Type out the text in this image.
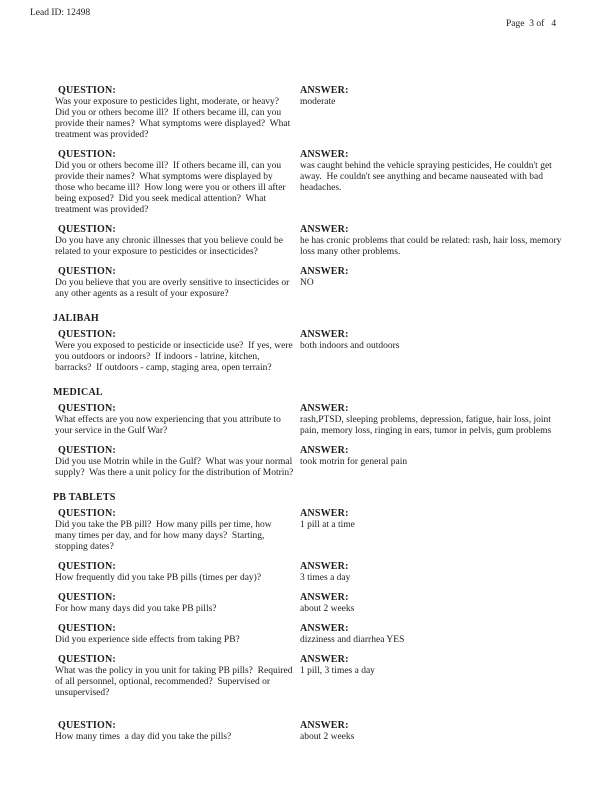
Lead ID: 12498
Page  3 of   4
QUESTION:
Was your exposure to pesticides light, moderate, or heavy?  Did you or others become ill?  If others became ill, can you provide their names?  What symptoms were displayed?  What treatment was provided?
ANSWER:
moderate
QUESTION:
Did you or others become ill?  If others became ill, can you provide their names?  What symptoms were displayed by those who became ill?  How long were you or others ill after being exposed?  Did you seek medical attention?  What treatment was provided?
ANSWER:
was caught behind the vehicle spraying pesticides, He couldn't get away.  He couldn't see anything and became nauseated with bad headaches.
QUESTION:
Do you have any chronic illnesses that you believe could be related to your exposure to pesticides or insecticides?
ANSWER:
he has cronic problems that could be related: rash, hair loss, memory loss many other problems.
QUESTION:
Do you believe that you are overly sensitive to insecticides or any other agents as a result of your exposure?
ANSWER:
NO
JALIBAH
QUESTION:
Were you exposed to pesticide or insecticide use?  If yes, were you outdoors or indoors?  If indoors - latrine, kitchen, barracks?  If outdoors - camp, staging area, open terrain?
ANSWER:
both indoors and outdoors
MEDICAL
QUESTION:
What effects are you now experiencing that you attribute to your service in the Gulf War?
ANSWER:
rash,PTSD, sleeping problems, depression, fatigue, hair loss, joint pain, memory loss, ringing in ears, tumor in pelvis, gum problems
QUESTION:
Did you use Motrin while in the Gulf?  What was your normal supply?  Was there a unit policy for the distribution of Motrin?
ANSWER:
took motrin for general pain
PB TABLETS
QUESTION:
Did you take the PB pill?  How many pills per time, how many times per day, and for how many days?  Starting, stopping dates?
ANSWER:
1 pill at a time
QUESTION:
How frequently did you take PB pills (times per day)?
ANSWER:
3 times a day
QUESTION:
For how many days did you take PB pills?
ANSWER:
about 2 weeks
QUESTION:
Did you experience side effects from taking PB?
ANSWER:
dizziness and diarrhea YES
QUESTION:
What was the policy in you unit for taking PB pills?  Required of all personnel, optional, recommended?  Supervised or unsupervised?
ANSWER:
1 pill, 3 times a day
QUESTION:
How many times  a day did you take the pills?
ANSWER:
about 2 weeks
